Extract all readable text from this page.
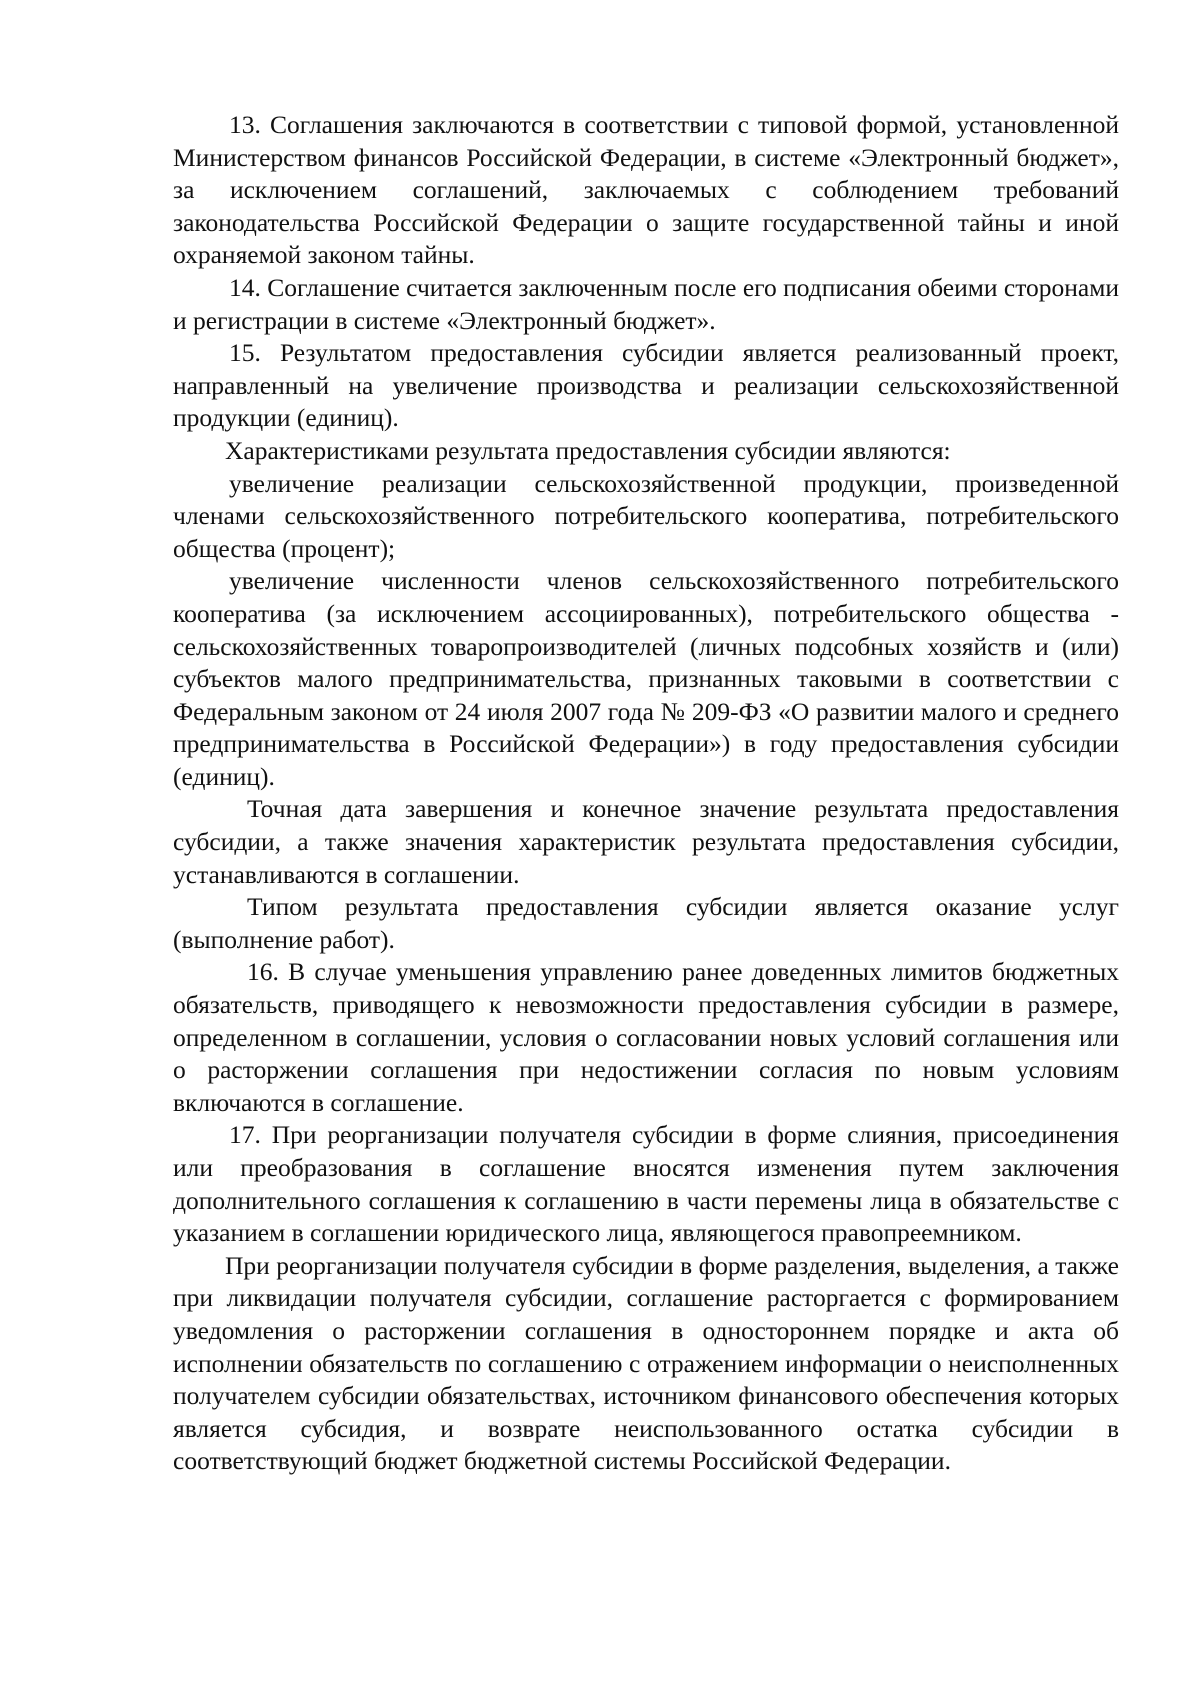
13. Соглашения заключаются в соответствии с типовой формой, установленной Министерством финансов Российской Федерации, в системе «Электронный бюджет», за исключением соглашений, заключаемых с соблюдением требований законодательства Российской Федерации о защите государственной тайны и иной охраняемой законом тайны.

14. Соглашение считается заключенным после его подписания обеими сторонами и регистрации в системе «Электронный бюджет».

15. Результатом предоставления субсидии является реализованный проект, направленный на увеличение производства и реализации сельскохозяйственной продукции (единиц).

Характеристиками результата предоставления субсидии являются:

увеличение реализации сельскохозяйственной продукции, произведенной членами сельскохозяйственного потребительского кооператива, потребительского общества (процент);

увеличение численности членов сельскохозяйственного потребительского кооператива (за исключением ассоциированных), потребительского общества - сельскохозяйственных товаропроизводителей (личных подсобных хозяйств и (или) субъектов малого предпринимательства, признанных таковыми в соответствии с Федеральным законом от 24 июля 2007 года № 209-ФЗ «О развитии малого и среднего предпринимательства в Российской Федерации») в году предоставления субсидии (единиц).

Точная дата завершения и конечное значение результата предоставления субсидии, а также значения характеристик результата предоставления субсидии, устанавливаются в соглашении.

Типом результата предоставления субсидии является оказание услуг (выполнение работ).

16. В случае уменьшения управлению ранее доведенных лимитов бюджетных обязательств, приводящего к невозможности предоставления субсидии в размере, определенном в соглашении, условия о согласовании новых условий соглашения или о расторжении соглашения при недостижении согласия по новым условиям включаются в соглашение.

17. При реорганизации получателя субсидии в форме слияния, присоединения или преобразования в соглашение вносятся изменения путем заключения дополнительного соглашения к соглашению в части перемены лица в обязательстве с указанием в соглашении юридического лица, являющегося правопреемником.

При реорганизации получателя субсидии в форме разделения, выделения, а также при ликвидации получателя субсидии, соглашение расторгается с формированием уведомления о расторжении соглашения в одностороннем порядке и акта об исполнении обязательств по соглашению с отражением информации о неисполненных получателем субсидии обязательствах, источником финансового обеспечения которых является субсидия, и возврате неиспользованного остатка субсидии в соответствующий бюджет бюджетной системы Российской Федерации.
